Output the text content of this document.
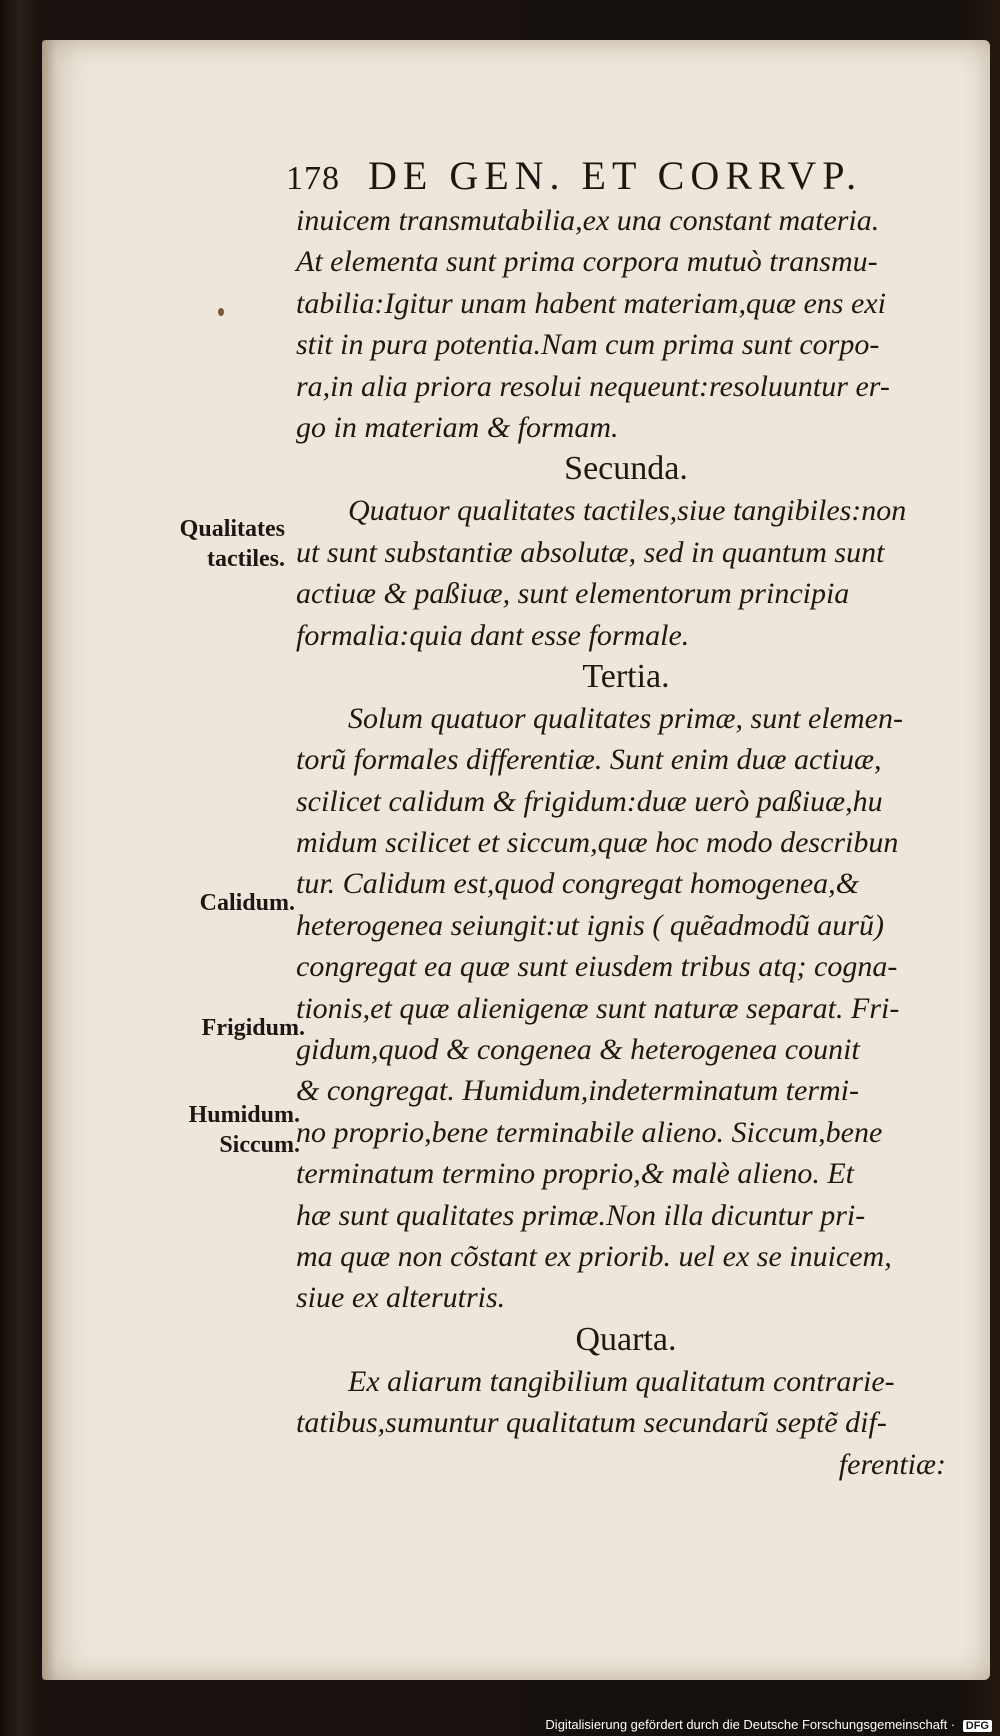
178 DE GEN. ET CORRVP.
Qualitates
tactiles.
Calidum.
Frigidum.
Humidum.
Siccum.
inuicem transmutabilia,ex una constant materia.
At elementa sunt prima corpora mutuò transmu-
tabilia:Igitur unam habent materiam,quæ ens exi
stit in pura potentia.Nam cum prima sunt corpo-
ra,in alia priora resolui nequeunt:resoluuntur er-
go in materiam & formam.
Secunda.
Quatuor qualitates tactiles,siue tangibiles:non
ut sunt substantiæ absolutæ, sed in quantum sunt
actiuæ & paßiuæ, sunt elementorum principia
formalia:quia dant esse formale.
Tertia.
Solum quatuor qualitates primæ, sunt elemen-
torũ formales differentiæ. Sunt enim duæ actiuæ,
scilicet calidum & frigidum:duæ uerò paßiuæ,hu
midum scilicet et siccum,quæ hoc modo describun
tur. Calidum est,quod congregat homogenea,&
heterogenea seiungit:ut ignis ( quẽadmodũ aurũ)
congregat ea quæ sunt eiusdem tribus atq; cogna-
tionis,et quæ alienigenæ sunt naturæ separat. Fri-
gidum,quod & congenea & heterogenea counit
& congregat. Humidum,indeterminatum termi-
no proprio,bene terminabile alieno. Siccum,bene
terminatum termino proprio,& malè alieno. Et
hæ sunt qualitates primæ.Non illa dicuntur pri-
ma quæ non cõstant ex priorib. uel ex se inuicem,
siue ex alterutris.
Quarta.
Ex aliarum tangibilium qualitatum contrarie-
tatibus,sumuntur qualitatum secundarũ septẽ dif-
ferentiæ:
Digitalisierung gefördert durch die Deutsche Forschungsgemeinschaft · DFG
